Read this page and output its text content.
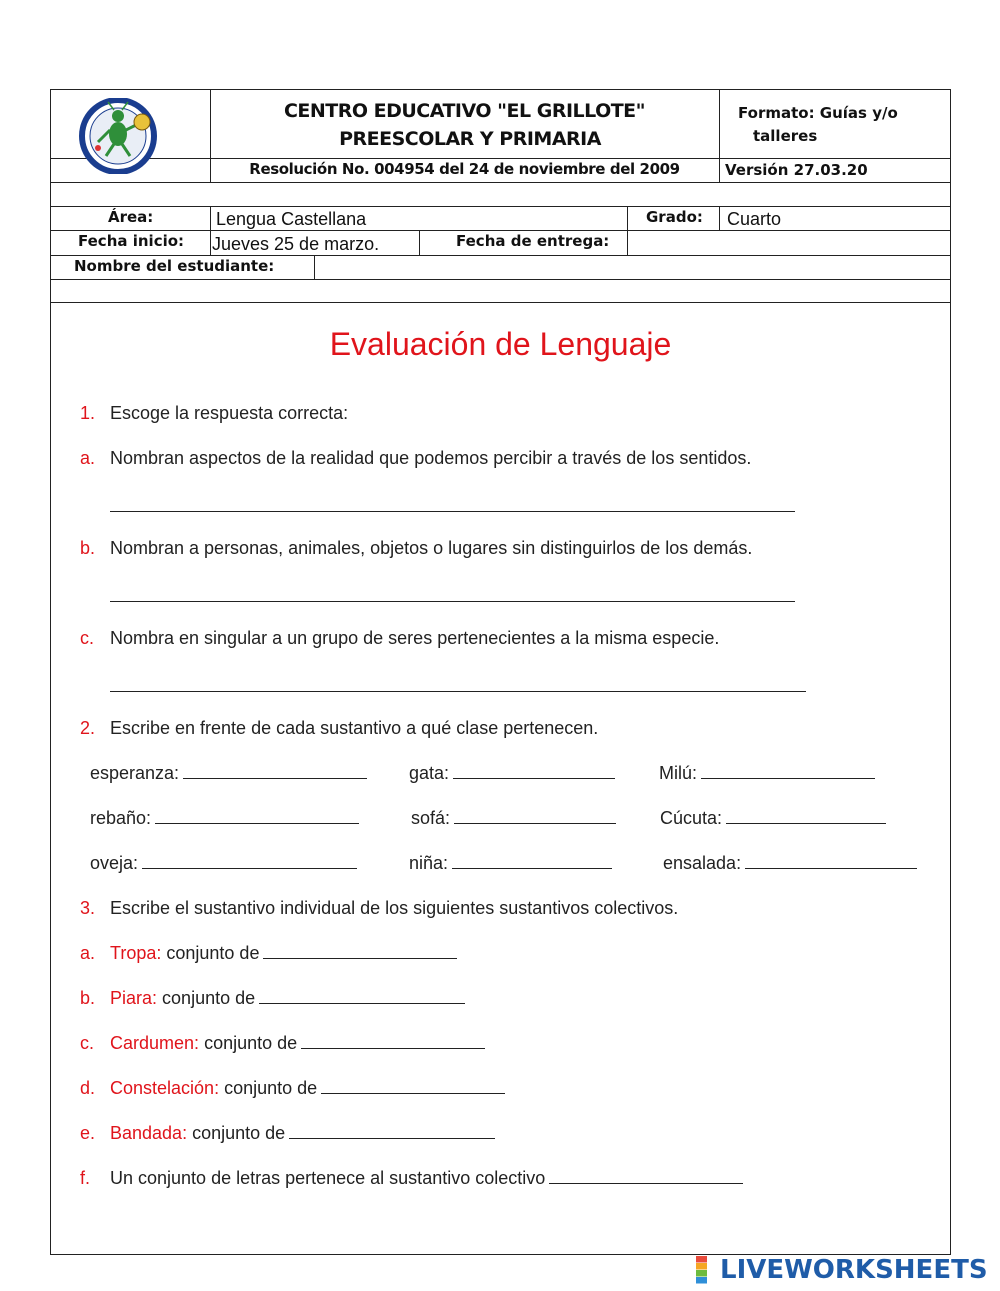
CENTRO EDUCATIVO "EL GRILLOTE"
PREESCOLAR Y PRIMARIA
Resolución No. 004954 del 24 de noviembre del 2009
Formato: Guías y/o
talleres
Versión 27.03.20
Área:	Lengua Castellana	Grado: Cuarto
Fecha inicio: Jueves 25 de marzo.	Fecha de entrega:
Nombre del estudiante:
Evaluación de Lenguaje
1. Escoge la respuesta correcta:
a. Nombran aspectos de la realidad que podemos percibir a través de los sentidos.
b. Nombran a personas, animales, objetos o lugares sin distinguirlos de los demás.
c. Nombra en singular a un grupo de seres pertenecientes a la misma especie.
2. Escribe en frente de cada sustantivo a qué clase pertenecen.
esperanza:	gata:	Milú:
rebaño:	sofá:	Cúcuta:
oveja:	niña:	ensalada:
3. Escribe el sustantivo individual de los siguientes sustantivos colectivos.
a. Tropa: conjunto de
b. Piara: conjunto de
c. Cardumen: conjunto de
d. Constelación: conjunto de
e. Bandada: conjunto de
f. Un conjunto de letras pertenece al sustantivo colectivo
LIVEWORKSHEETS
